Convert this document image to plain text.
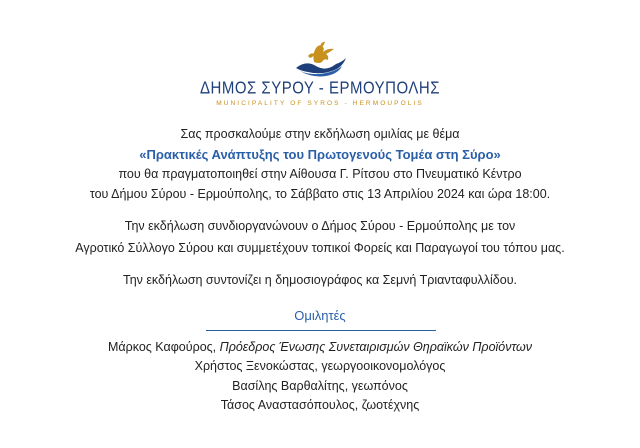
ΔΗΜΟΣ ΣΥΡΟΥ - ΕΡΜΟΥΠΟΛΗΣ
MUNICIPALITY OF SYROS - HERMOUPOLIS
Σας προσκαλούμε στην εκδήλωση ομιλίας με θέμα
«Πρακτικές Ανάπτυξης του Πρωτογενούς Τομέα στη Σύρο»
που θα πραγματοποιηθεί στην Αίθουσα Γ. Ρίτσου στο Πνευματικό Κέντρο
του Δήμου Σύρου - Ερμούπολης, το Σάββατο στις 13 Απριλίου 2024 και ώρα 18:00.
Την εκδήλωση συνδιοργανώνουν ο Δήμος Σύρου - Ερμούπολης με τον
Αγροτικό Σύλλογο Σύρου και συμμετέχουν τοπικοί Φορείς και Παραγωγοί του τόπου μας.
Την εκδήλωση συντονίζει η δημοσιογράφος κα Σεμνή Τριανταφυλλίδου.
Ομιλητές
Μάρκος Καφούρος, Πρόεδρος Ένωσης Συνεταιρισμών Θηραϊκών Προϊόντων
Χρήστος Ξενοκώστας, γεωργοοικονομολόγος
Βασίλης Βαρθαλίτης, γεωπόνος
Τάσος Αναστασόπουλος, ζωοτέχνης
